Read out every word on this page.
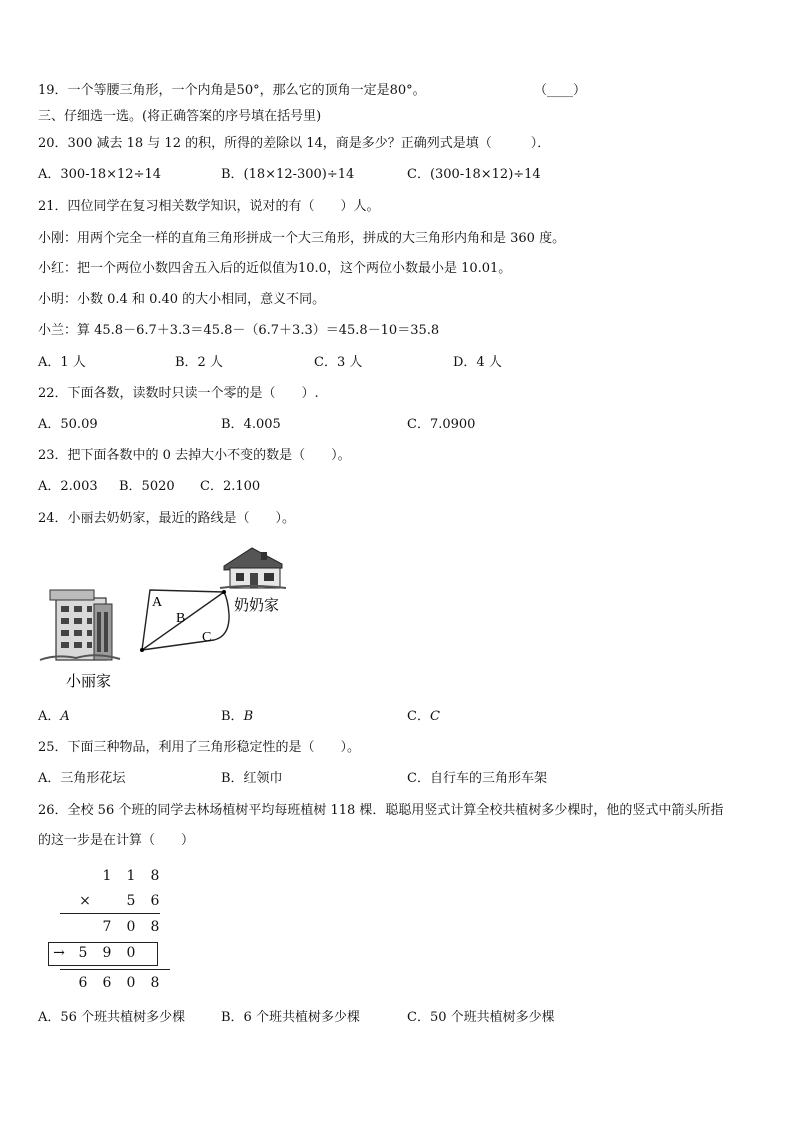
19．一个等腰三角形，一个内角是50°，那么它的顶角一定是80°。	（____）
三、仔细选一选。(将正确答案的序号填在括号里)
20．300 减去 18 与 12 的积，所得的差除以 14，商是多少？正确列式是填（　　　）．
A．300-18×12÷14	B．(18×12-300)÷14	C．(300-18×12)÷14
21．四位同学在复习相关数学知识，说对的有（　　）人。
小刚：用两个完全一样的直角三角形拼成一个大三角形，拼成的大三角形内角和是 360 度。
小红：把一个两位小数四舍五入后的近似值为10.0，这个两位小数最小是 10.01。
小明：小数 0.4 和 0.40 的大小相同，意义不同。
小兰：算 45.8－6.7＋3.3＝45.8－（6.7＋3.3）＝45.8－10＝35.8
A．1 人	B．2 人	C．3 人	D．4 人
22．下面各数，读数时只读一个零的是（　　）.
A．50.09	B．4.005	C．7.0900
23．把下面各数中的 0 去掉大小不变的数是（　　）。
A．2.003 B．5020 C．2.100
24．小丽去奶奶家，最近的路线是（　　）。
A
B
C
奶奶家
小丽家
A．A	B．B	C．C
25．下面三种物品，利用了三角形稳定性的是（　　）。
A．三角形花坛	B．红领巾	C．自行车的三角形车架
26．全校 56 个班的同学去林场植树平均每班植树 118 棵．聪聪用竖式计算全校共植树多少棵时，他的竖式中箭头所指
的这一步是在计算（　　）
1 1 8
×	5 6
7 0 8
→ 5 9 0
6 6 0 8
A．56 个班共植树多少棵	B．6 个班共植树多少棵	C．50 个班共植树多少棵
